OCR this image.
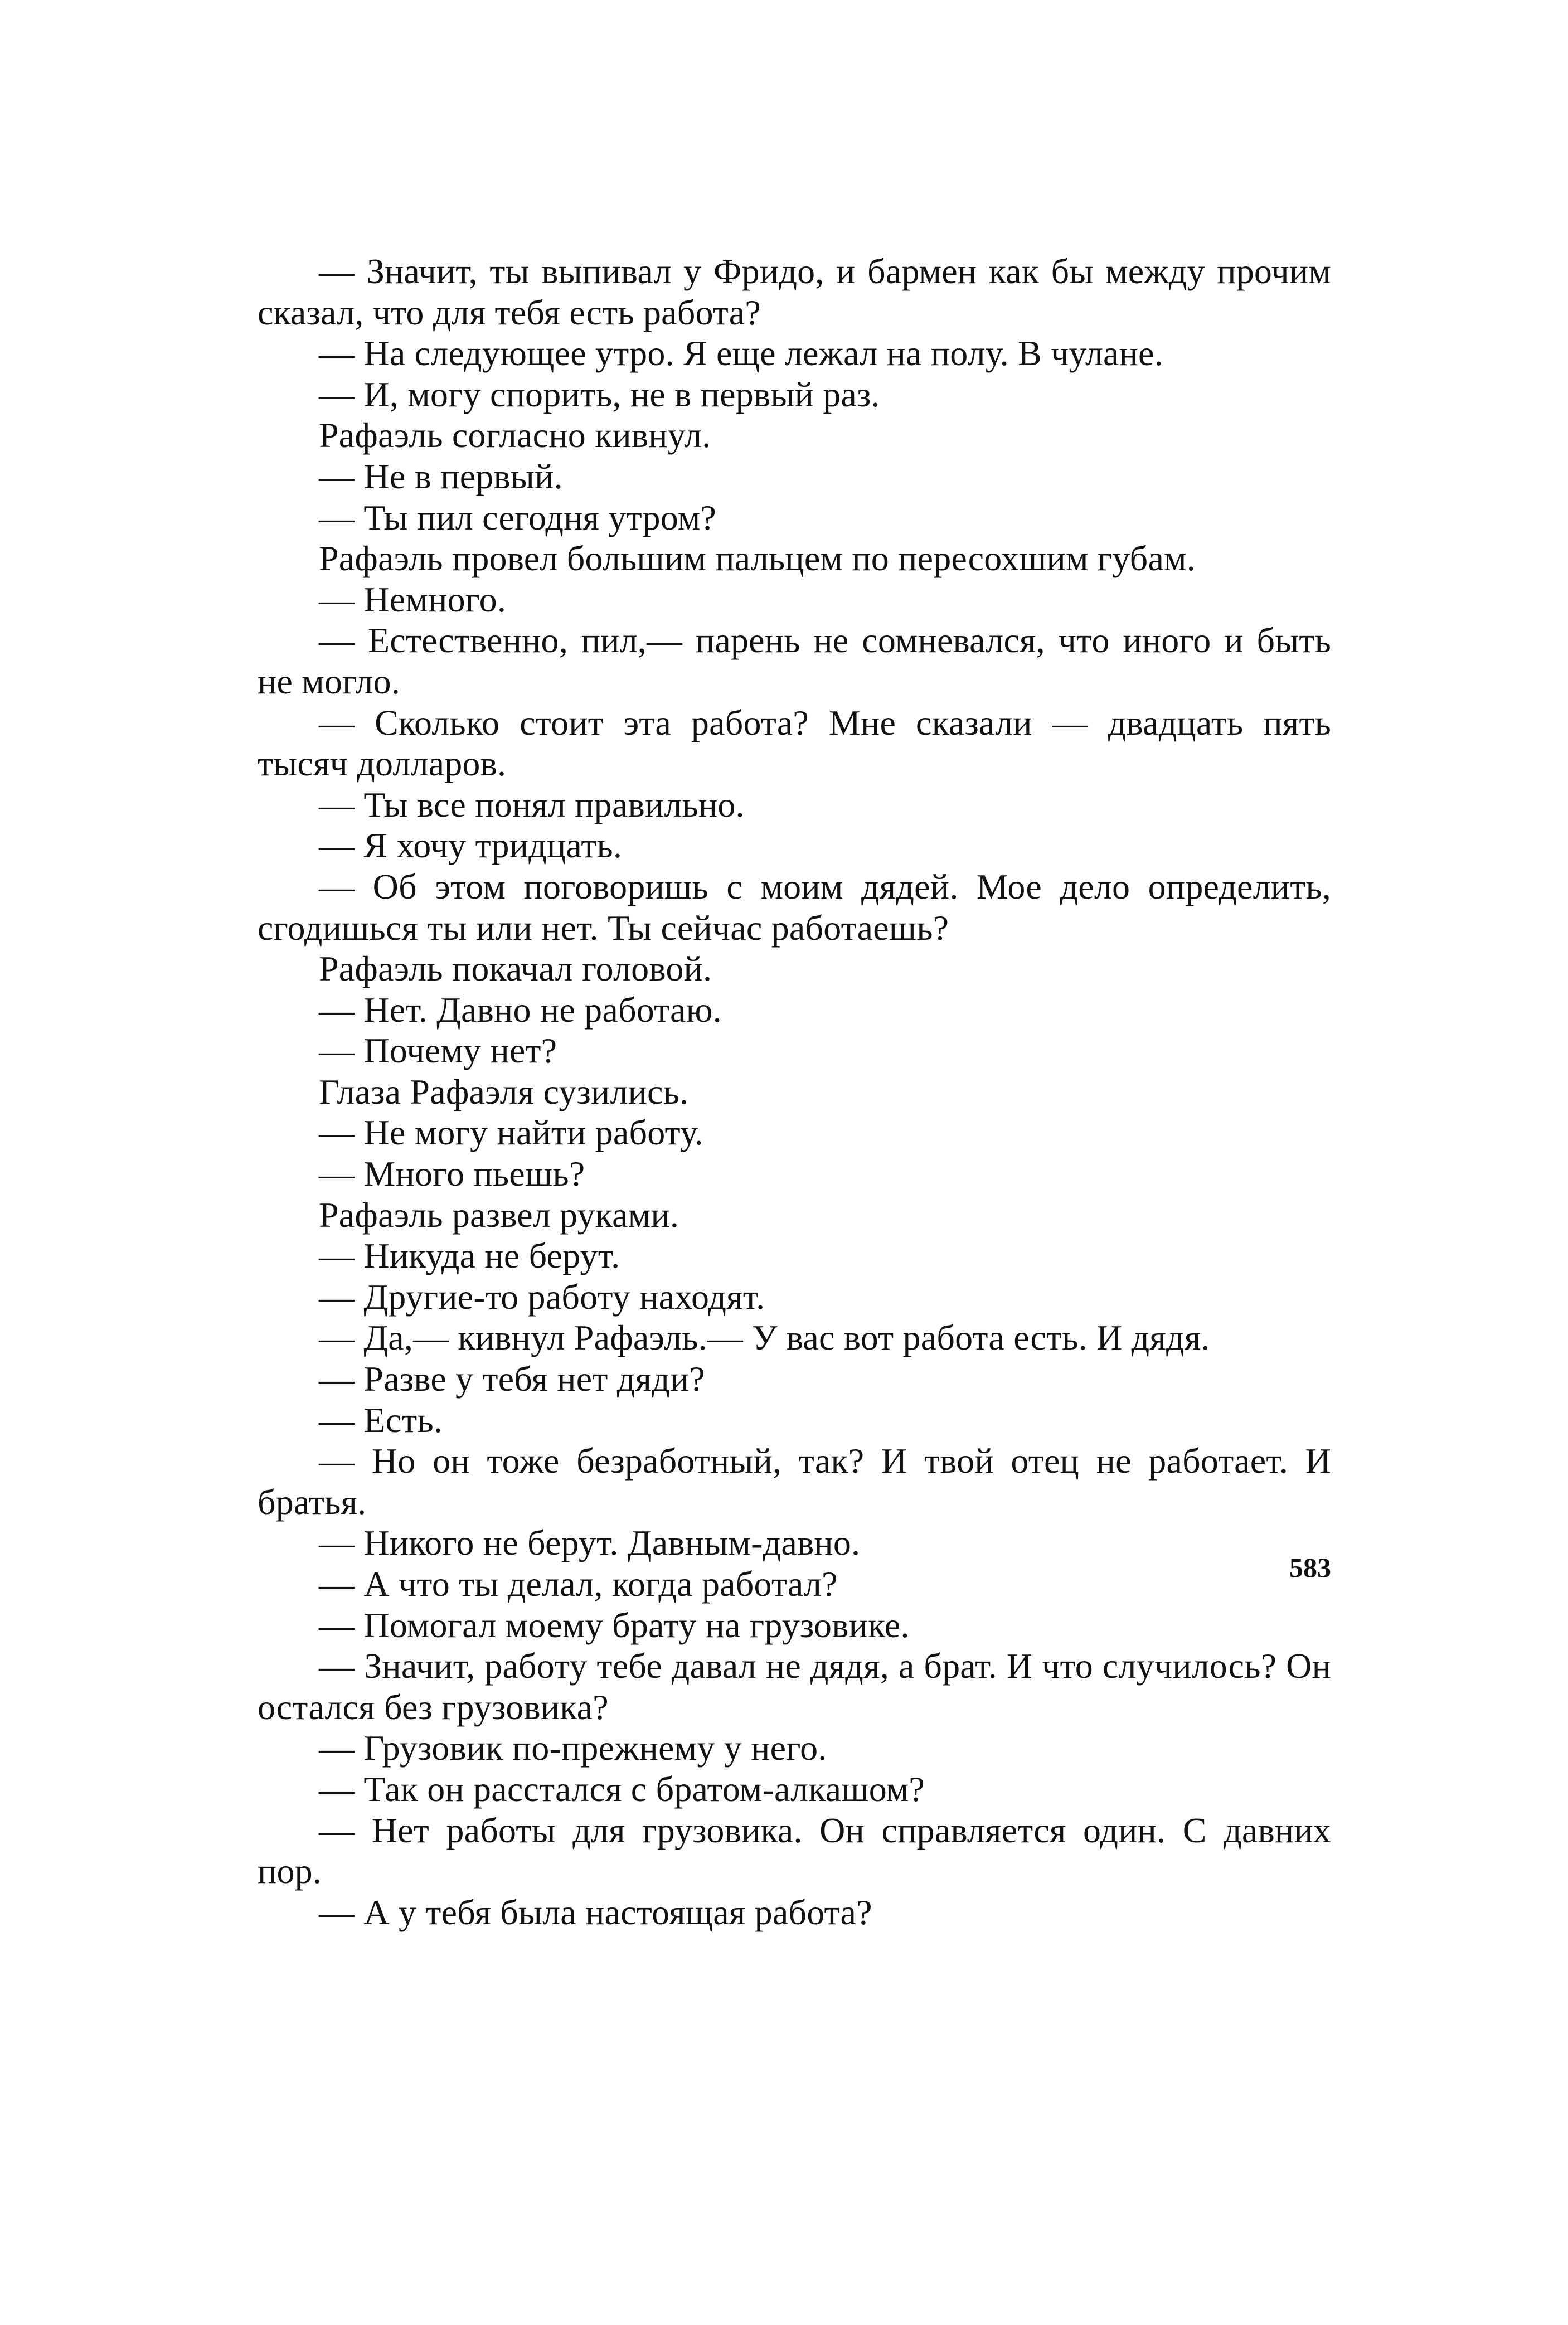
— Значит, ты выпивал у Фридо, и бармен как бы между прочим сказал, что для тебя есть работа?

— На следующее утро. Я еще лежал на полу. В чулане.

— И, могу спорить, не в первый раз.

Рафаэль согласно кивнул.

— Не в первый.

— Ты пил сегодня утром?

Рафаэль провел большим пальцем по пересохшим губам.

— Немного.

— Естественно, пил,— парень не сомневался, что иного и быть не могло.

— Сколько стоит эта работа? Мне сказали — двадцать пять тысяч долларов.

— Ты все понял правильно.

— Я хочу тридцать.

— Об этом поговоришь с моим дядей. Мое дело определить, сгодишься ты или нет. Ты сейчас работаешь?

Рафаэль покачал головой.

— Нет. Давно не работаю.

— Почему нет?

Глаза Рафаэля сузились.

— Не могу найти работу.

— Много пьешь?

Рафаэль развел руками.

— Никуда не берут.

— Другие-то работу находят.

— Да,— кивнул Рафаэль.— У вас вот работа есть. И дядя.

— Разве у тебя нет дяди?

— Есть.

— Но он тоже безработный, так? И твой отец не работает. И братья.

— Никого не берут. Давным-давно.

— А что ты делал, когда работал?

— Помогал моему брату на грузовике.

— Значит, работу тебе давал не дядя, а брат. И что случилось? Он остался без грузовика?

— Грузовик по-прежнему у него.

— Так он расстался с братом-алкашом?

— Нет работы для грузовика. Он справляется один. С давних пор.

— А у тебя была настоящая работа?

583
